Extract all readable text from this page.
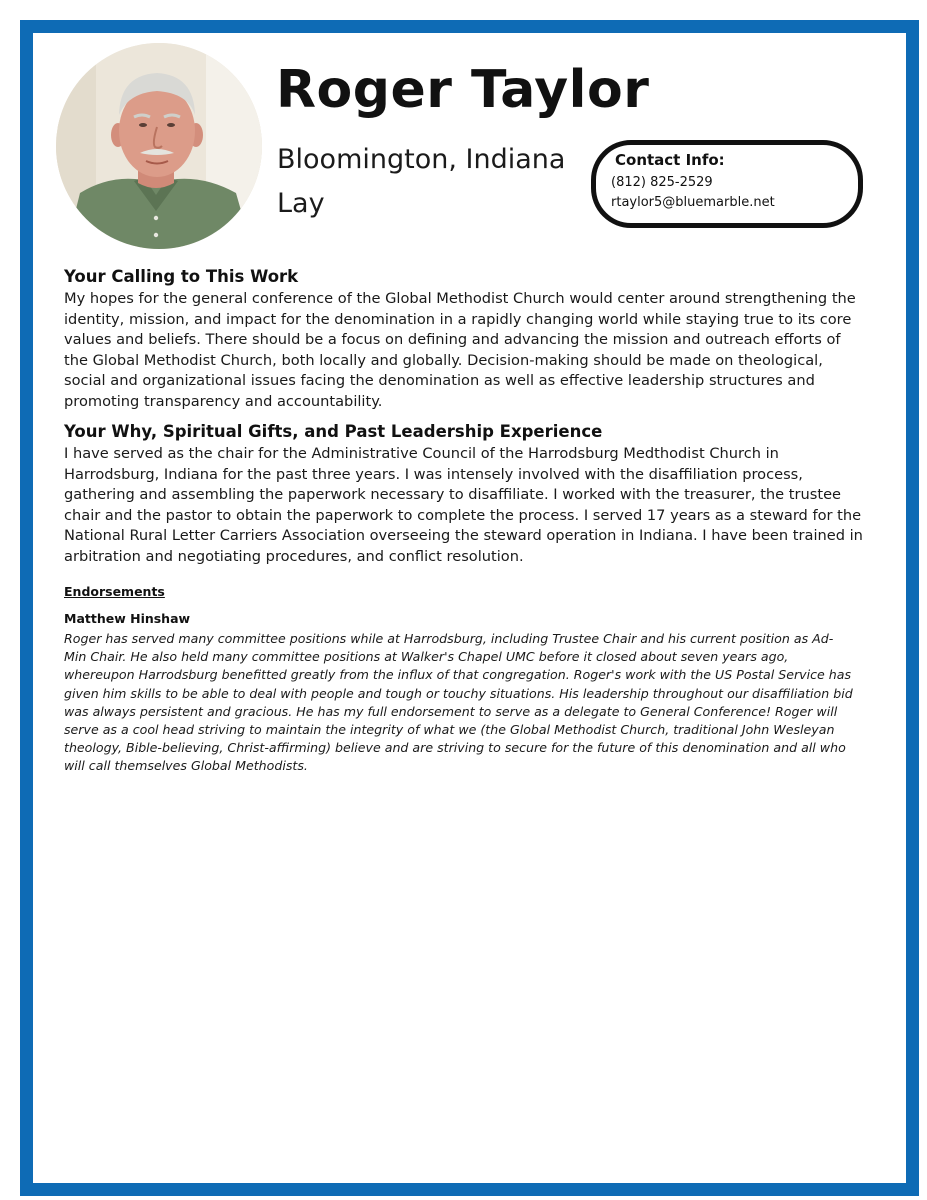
Roger Taylor
Bloomington, Indiana
Lay
Contact Info:
(812) 825-2529
rtaylor5@bluemarble.net
Your Calling to This Work

My hopes for the general conference of the Global Methodist Church would center around strengthening the identity, mission, and impact for the denomination in a rapidly changing world while staying true to its core values and beliefs. There should be a focus on defining and advancing the mission and outreach efforts of the Global Methodist Church, both locally and globally. Decision-making should be made on theological, social and organizational issues facing the denomination as well as effective leadership structures and promoting transparency and accountability.

Your Why, Spiritual Gifts, and Past Leadership Experience

I have served as the chair for the Administrative Council of the Harrodsburg Medthodist Church in Harrodsburg, Indiana for the past three years. I was intensely involved with the disaffiliation process, gathering and assembling the paperwork necessary to disaffiliate. I worked with the treasurer, the trustee chair and the pastor to obtain the paperwork to complete the process. I served 17 years as a steward for the National Rural Letter Carriers Association overseeing the steward operation in Indiana. I have been trained in arbitration and negotiating procedures, and conflict resolution.

Endorsements
Matthew Hinshaw

Roger has served many committee positions while at Harrodsburg, including Trustee Chair and his current position as Ad-Min Chair. He also held many committee positions at Walker's Chapel UMC before it closed about seven years ago, whereupon Harrodsburg benefitted greatly from the influx of that congregation. Roger's work with the US Postal Service has given him skills to be able to deal with people and tough or touchy situations. His leadership throughout our disaffiliation bid was always persistent and gracious. He has my full endorsement to serve as a delegate to General Conference! Roger will serve as a cool head striving to maintain the integrity of what we (the Global Methodist Church, traditional John Wesleyan theology, Bible-believing, Christ-affirming) believe and are striving to secure for the future of this denomination and all who will call themselves Global Methodists.
